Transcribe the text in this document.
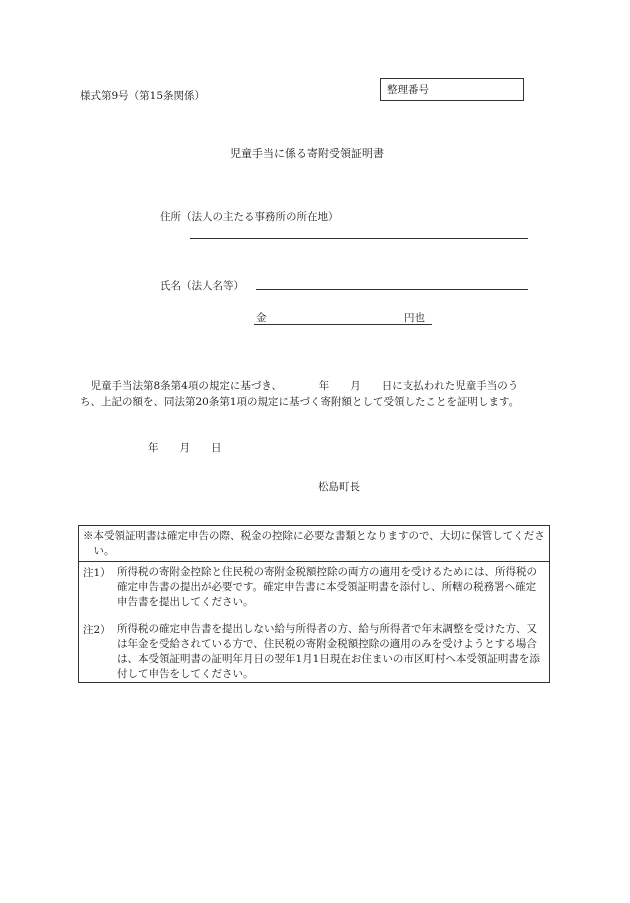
様式第9号（第15条関係）	整理番号
児童手当に係る寄附受領証明書
住所（法人の主たる事務所の所在地）
氏名（法人名等）
金	円也
児童手当法第8条第4項の規定に基づき、　　　　年　　月　　日に支払われた児童手当のうち、上記の額を、同法第20条第1項の規定に基づく寄附額として受領したことを証明します。
年　　月　　日
松島町長
※本受領証明書は確定申告の際、税金の控除に必要な書類となりますので、大切に保管してください。
注1） 所得税の寄附金控除と住民税の寄附金税額控除の両方の適用を受けるためには、所得税の確定申告書の提出が必要です。確定申告書に本受領証明書を添付し、所轄の税務署へ確定申告書を提出してください。
注2） 所得税の確定申告書を提出しない給与所得者の方、給与所得者で年末調整を受けた方、又は年金を受給されている方で、住民税の寄附金税額控除の適用のみを受けようとする場合は、本受領証明書の証明年月日の翌年1月1日現在お住まいの市区町村へ本受領証明書を添付して申告をしてください。
